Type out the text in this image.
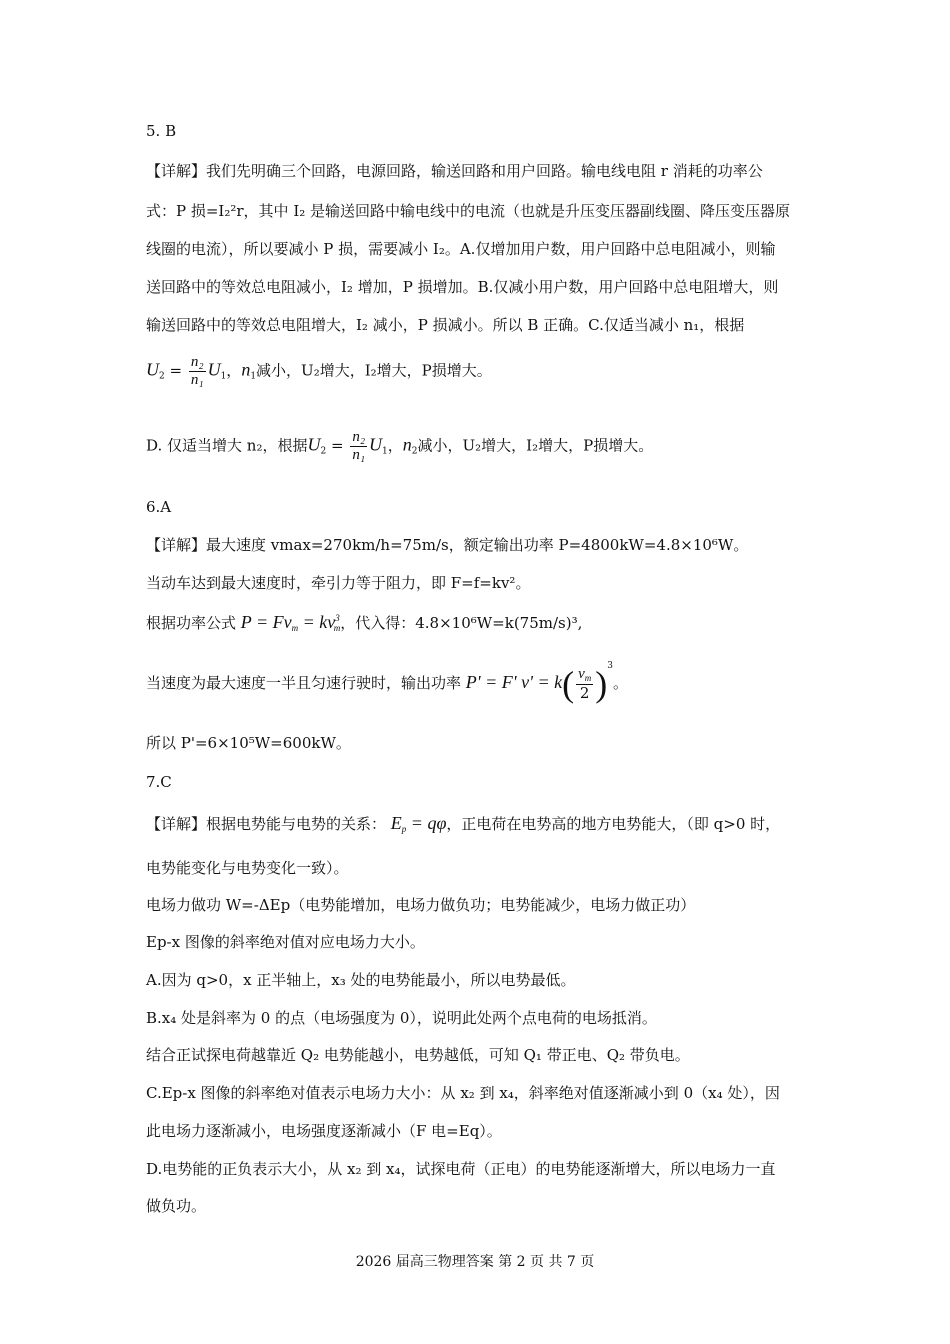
5. B
【详解】我们先明确三个回路，电源回路，输送回路和用户回路。输电线电阻 r 消耗的功率公
式：P 损=I₂²r，其中 I₂ 是输送回路中输电线中的电流（也就是升压变压器副线圈、降压变压器原
线圈的电流），所以要减小 P 损，需要减小 I₂。A.仅增加用户数，用户回路中总电阻减小，则输
送回路中的等效总电阻减小，I₂ 增加，P 损增加。B.仅减小用户数，用户回路中总电阻增大，则
输送回路中的等效总电阻增大，I₂ 减小，P 损减小。所以 B 正确。C.仅适当减小 n₁，根据
$U_2 = \frac{\text{n₂}}{\text{n₁}} U_1$，$n_1$减小，U₂增大，I₂增大，P损增大。
D. 仅适当增大 n₂，根据$U_2 = \frac{\text{n₂}}{\text{n₁}} U_1$，$n_2$减小，U₂增大，I₂增大，P损增大。
6.A
【详解】最大速度 vmax=270km/h=75m/s，额定输出功率 P=4800kW=4.8×10⁶W。
当动车达到最大速度时，牵引力等于阻力，即 F=f=kv²。
根据功率公式 $P = Fv_m = kv^3_m$，代入得：4.8×10⁶W=k(75m/s)³,
当速度为最大速度一半且匀速行驶时，输出功率 P' = F' $v' = k( \frac{v_m}{2} )^3$。
所以 P'=6×10⁵W=600kW。
7.C
【详解】根据电势能与电势的关系： $E_p = q\varphi$，正电荷在电势高的地方电势能大，（即 q>0 时，
电势能变化与电势变化一致）。
电场力做功 W=-ΔEp（电势能增加，电场力做负功；电势能减少，电场力做正功）
Ep-x 图像的斜率绝对值对应电场力大小。
A.因为 q>0，x 正半轴上，x₃ 处的电势能最小，所以电势最低。
B.x₄ 处是斜率为 0 的点（电场强度为 0），说明此处两个点电荷的电场抵消。
结合正试探电荷越靠近 Q₂ 电势能越小，电势越低，可知 Q₁ 带正电、Q₂ 带负电。
C.Ep-x 图像的斜率绝对值表示电场力大小：从 x₂ 到 x₄，斜率绝对值逐渐减小到 0（x₄ 处），因
此电场力逐渐减小，电场强度逐渐减小（F 电=Eq）。
D.电势能的正负表示大小，从 x₂ 到 x₄，试探电荷（正电）的电势能逐渐增大，所以电场力一直
做负功。
2026 届高三物理答案 第 2 页 共 7 页
